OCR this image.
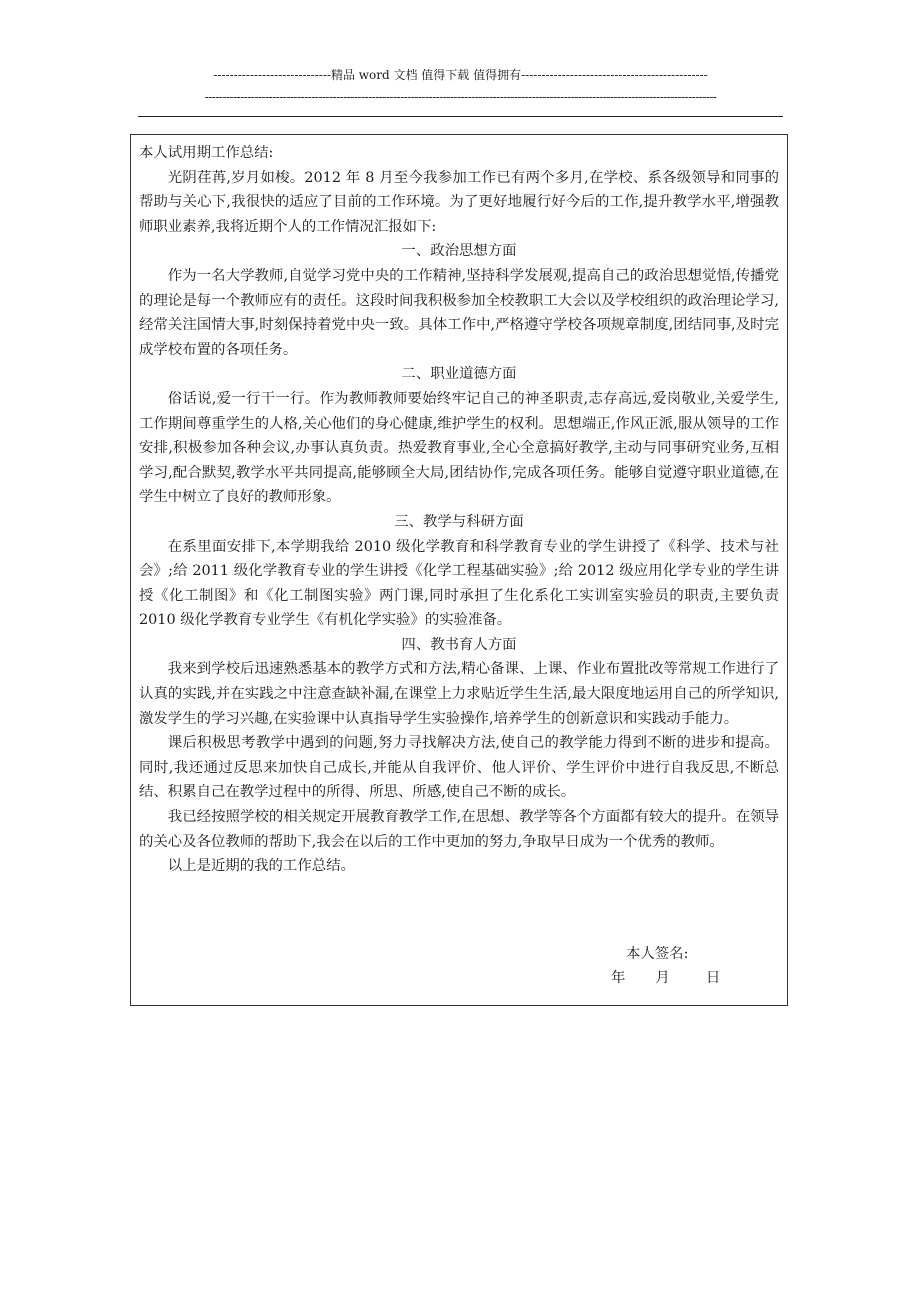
-----------------------------精品 word 文档 值得下载 值得拥有----------------------------------------------
------------------------------------------------------------------------------------------------------------------------------------------------

本人试用期工作总结:

光阴荏苒,岁月如梭。2012 年 8 月至今我参加工作已有两个多月,在学校、系各级领导和同事的帮助与关心下,我很快的适应了目前的工作环境。为了更好地履行好今后的工作,提升教学水平,增强教师职业素养,我将近期个人的工作情况汇报如下:

一、政治思想方面

作为一名大学教师,自觉学习党中央的工作精神,坚持科学发展观,提高自己的政治思想觉悟,传播党的理论是每一个教师应有的责任。这段时间我积极参加全校教职工大会以及学校组织的政治理论学习,经常关注国情大事,时刻保持着党中央一致。具体工作中,严格遵守学校各项规章制度,团结同事,及时完成学校布置的各项任务。

二、职业道德方面

俗话说,爱一行干一行。作为教师教师要始终牢记自己的神圣职责,志存高远,爱岗敬业,关爱学生,工作期间尊重学生的人格,关心他们的身心健康,维护学生的权利。思想端正,作风正派,服从领导的工作安排,积极参加各种会议,办事认真负责。热爱教育事业,全心全意搞好教学,主动与同事研究业务,互相学习,配合默契,教学水平共同提高,能够顾全大局,团结协作,完成各项任务。能够自觉遵守职业道德,在学生中树立了良好的教师形象。

三、教学与科研方面

在系里面安排下,本学期我给 2010 级化学教育和科学教育专业的学生讲授了《科学、技术与社会》;给 2011 级化学教育专业的学生讲授《化学工程基础实验》;给 2012 级应用化学专业的学生讲授《化工制图》和《化工制图实验》两门课,同时承担了生化系化工实训室实验员的职责,主要负责 2010 级化学教育专业学生《有机化学实验》的实验准备。

四、教书育人方面

我来到学校后迅速熟悉基本的教学方式和方法,精心备课、上课、作业布置批改等常规工作进行了认真的实践,并在实践之中注意查缺补漏,在课堂上力求贴近学生生活,最大限度地运用自己的所学知识,激发学生的学习兴趣,在实验课中认真指导学生实验操作,培养学生的创新意识和实践动手能力。

课后积极思考教学中遇到的问题,努力寻找解决方法,使自己的教学能力得到不断的进步和提高。同时,我还通过反思来加快自己成长,并能从自我评价、他人评价、学生评价中进行自我反思,不断总结、积累自己在教学过程中的所得、所思、所感,使自己不断的成长。

我已经按照学校的相关规定开展教育教学工作,在思想、教学等各个方面都有较大的提升。在领导的关心及各位教师的帮助下,我会在以后的工作中更加的努力,争取早日成为一个优秀的教师。

以上是近期的我的工作总结。

本人签名:
年 月	日
